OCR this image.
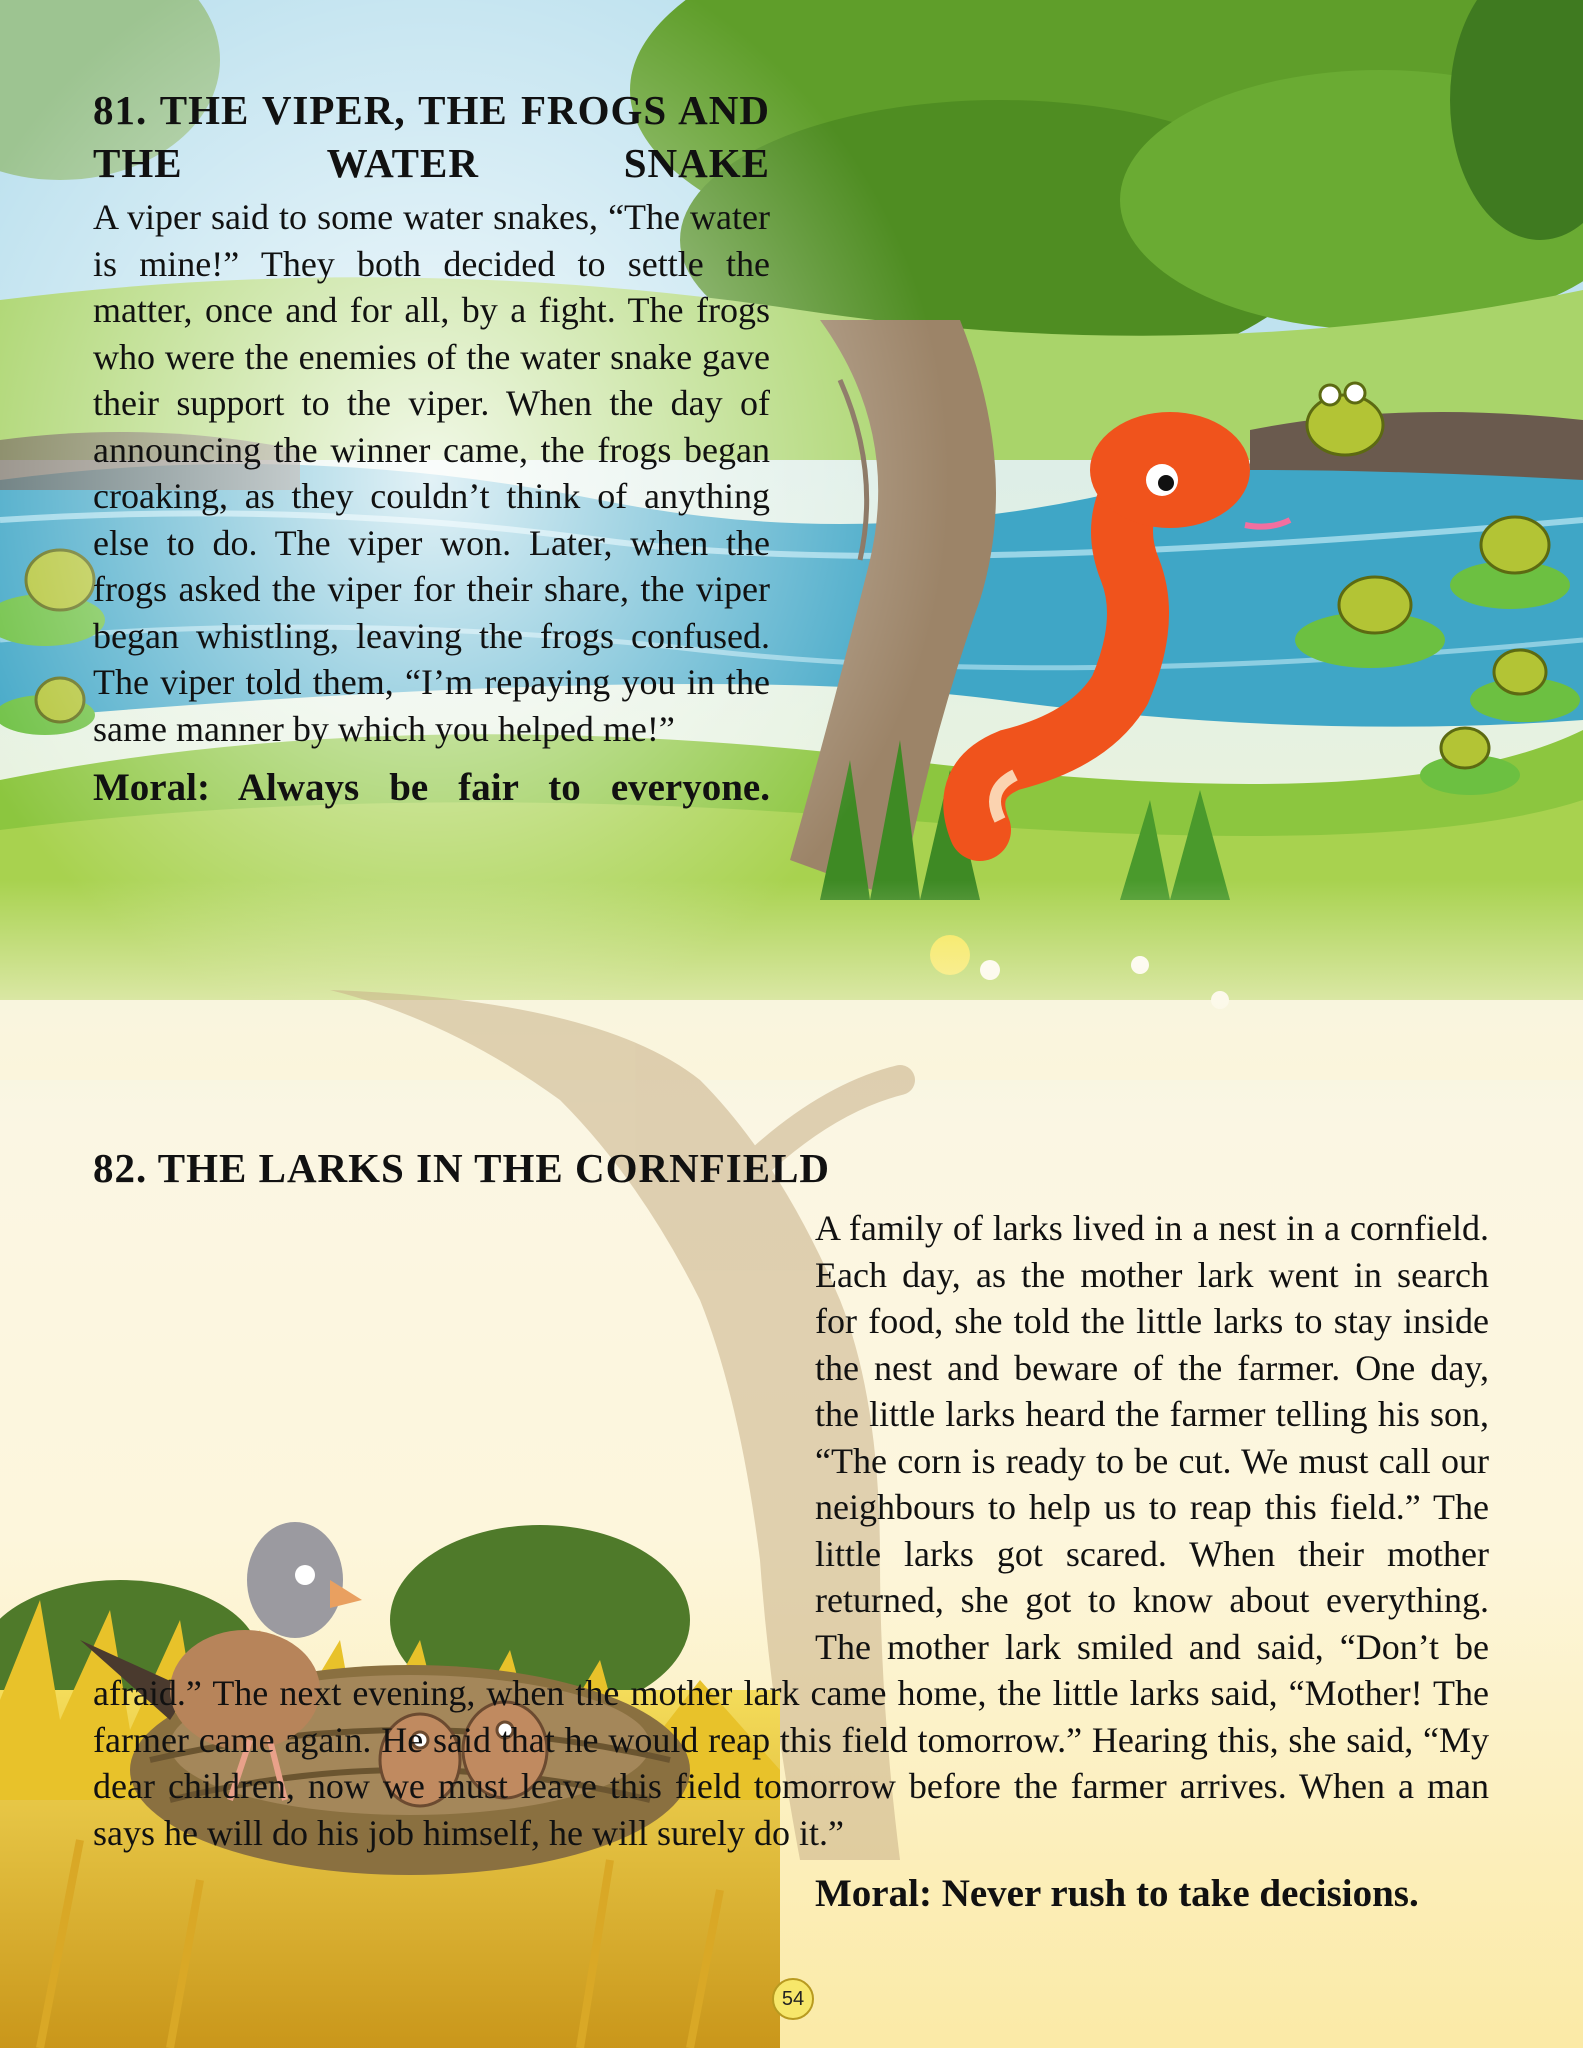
81. THE VIPER, THE FROGS AND THE WATER SNAKE

A viper said to some water snakes, “The water is mine!” They both decided to settle the matter, once and for all, by a fight. The frogs who were the enemies of the water snake gave their support to the viper. When the day of announcing the winner came, the frogs began croaking, as they couldn’t think of anything else to do. The viper won. Later, when the frogs asked the viper for their share, the viper began whistling, leaving the frogs confused. The viper told them, “I’m repaying you in the same manner by which you helped me!”

Moral: Always be fair to everyone.

82. THE LARKS IN THE CORNFIELD

A family of larks lived in a nest in a cornfield. Each day, as the mother lark went in search for food, she told the little larks to stay inside the nest and beware of the farmer. One day, the little larks heard the farmer telling his son, “The corn is ready to be cut. We must call our neighbours to help us to reap this field.” The little larks got scared. When their mother returned, she got to know about everything. The mother lark smiled and said, “Don’t be afraid.” The next evening, when the mother lark came home, the little larks said, “Mother! The farmer came again. He said that he would reap this field tomorrow.” Hearing this, she said, “My dear children, now we must leave this field tomorrow before the farmer arrives. When a man says he will do his job himself, he will surely do it.”

Moral: Never rush to take decisions.

54
